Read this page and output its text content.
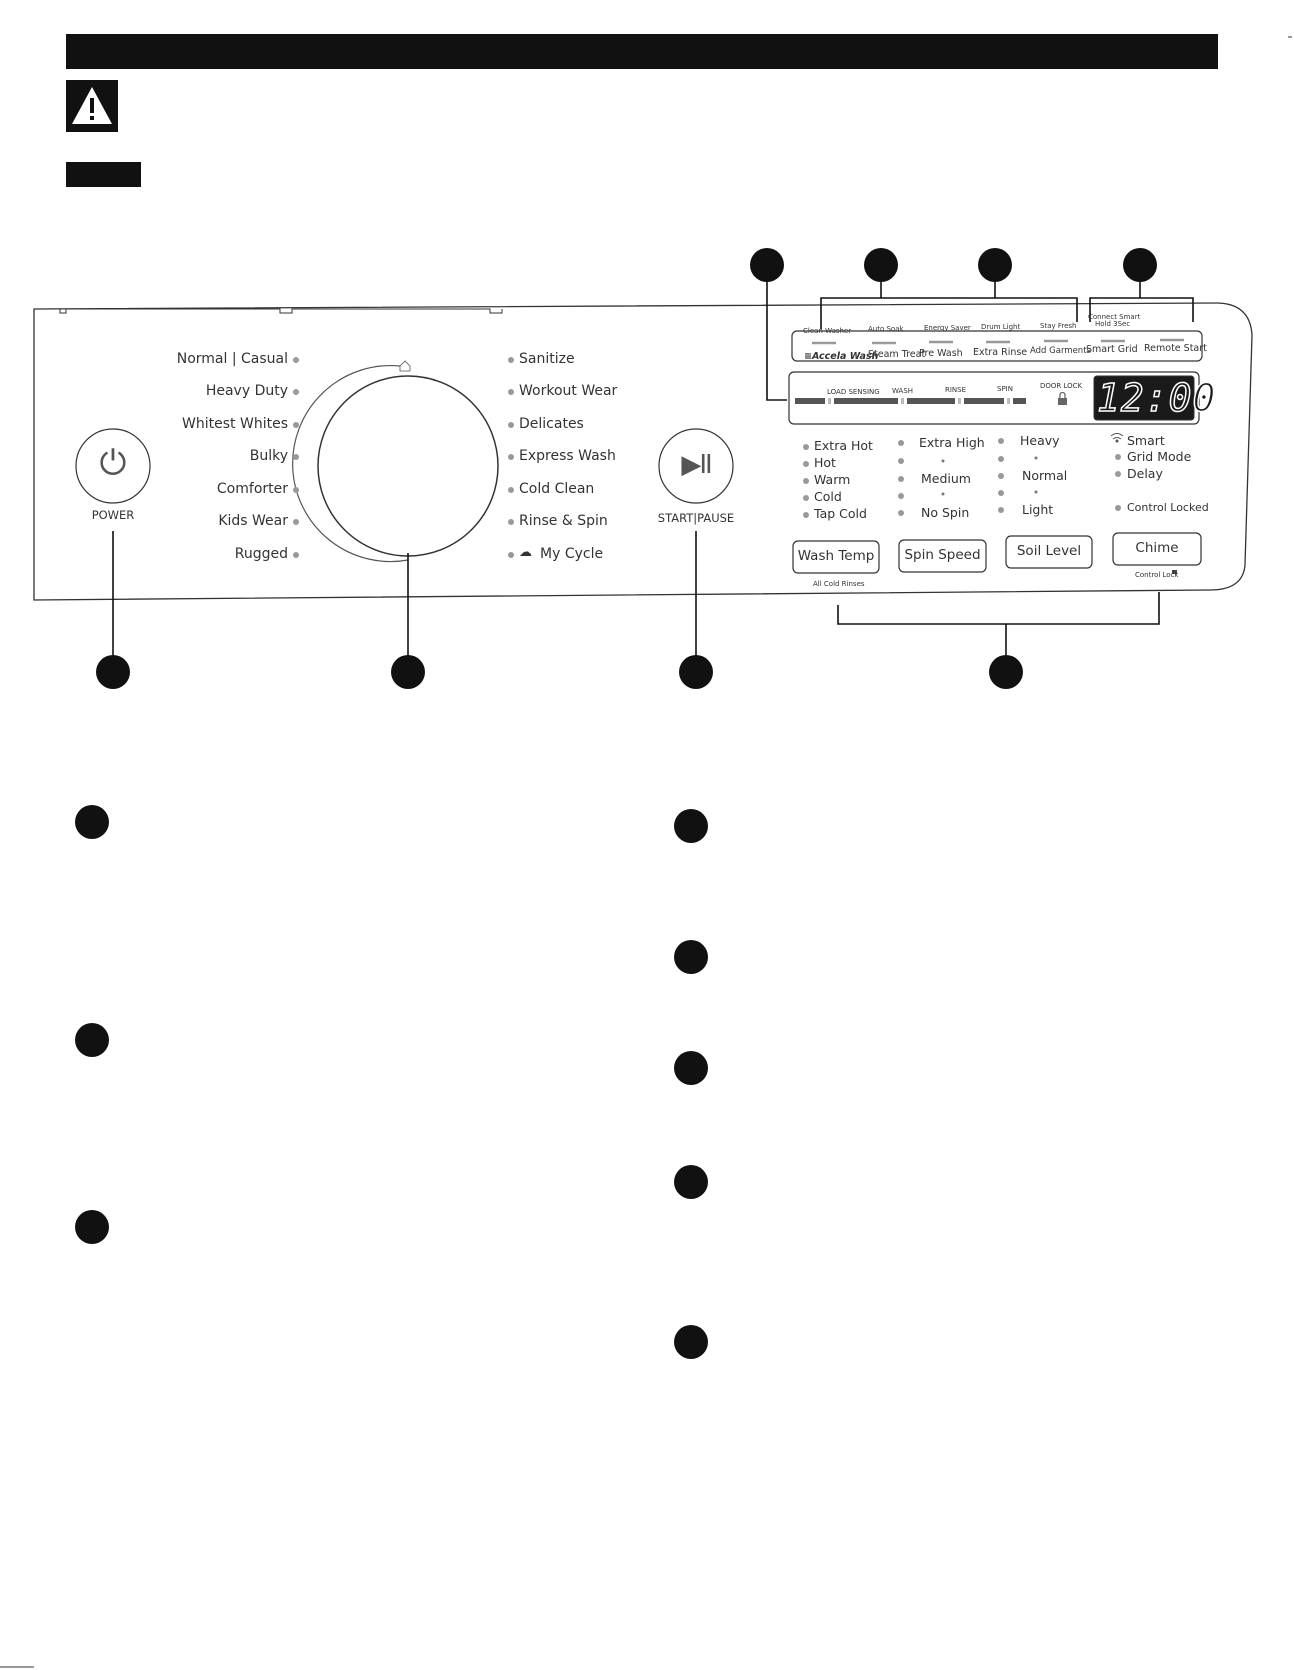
⏻
POWER
▶II
START|PAUSE
Normal | Casual
Heavy Duty
Whitest Whites
Bulky
Comforter
Kids Wear
Rugged
Sanitize
Workout Wear
Delicates
Express Wash
Cold Clean
Rinse & Spin
☁ My Cycle
Clean Washer Auto Soak	Energy Saver Drum Light	Stay Fresh
Connect Smart
Hold 3Sec
≡Accela Wash
Steam Treat
Pre Wash Extra Rinse Add Garments
Smart Grid Remote Start
LOAD SENSING WASH	RINSE	SPIN	DOOR LOCK 12:00
Extra Hot
Hot
Warm
Cold
Tap Cold
Extra High
Medium
No Spin
Heavy
Normal
Light
Smart
Grid Mode
Delay
Control Locked
Wash Temp	Spin Speed	Soil Level	Chime
All Cold Rinses
Control Lock
